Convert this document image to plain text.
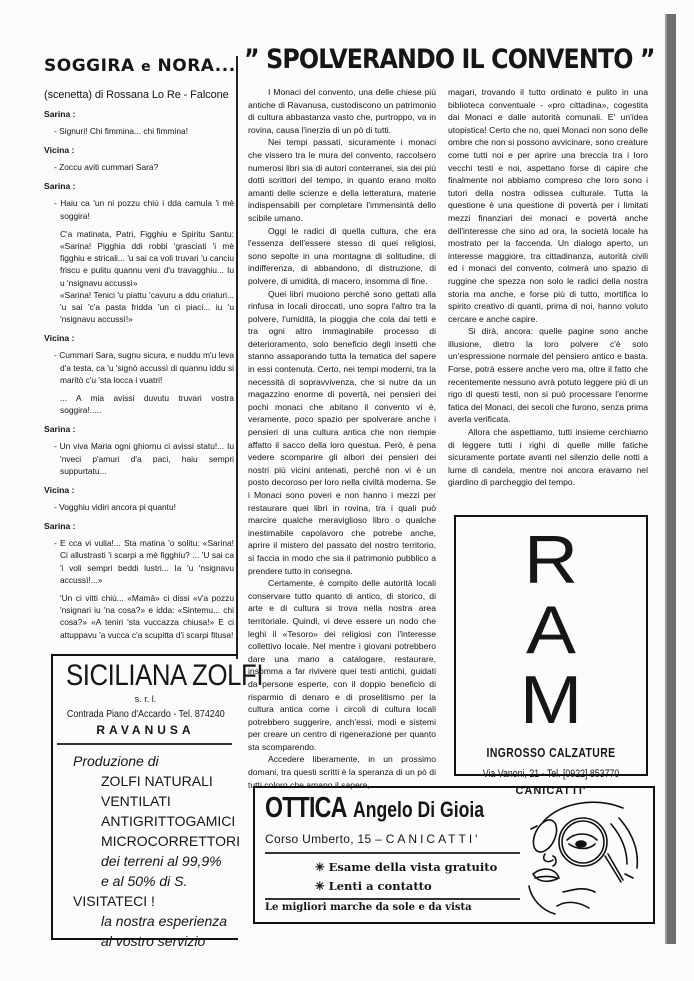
SOGGIRA e NORA...
(scenetta) di Rossana Lo Re - Falcone
Sarina :

- Signuri! Chi fimmina... chi fimmina!

Vicina :

- Zoccu aviti cummari Sara?

Sarina :

- Haiu ca 'un ni pozzu chiù i dda camula 'i mè soggira!

C'a matinata, Patri, Figghiu e Spiritu Santu: «Sarina! Pigghia ddi robbi 'grasciati 'i mè figghiu e stricali... 'u sai ca voli truvari 'u canciu friscu e pulitu quannu veni d'u travagghiu... Iu u 'nsignavu accussì»

«Sarina! Tenici 'u piattu 'cavuru a ddu criaturi... 'u sai 'c'a pasta fridda 'un ci piaci... iu 'u 'nsignavu accussì!»

Vicina :

- Cummari Sara, sugnu sicura, e nuddu m'u leva d'a testa, ca 'u 'signò accussì di quannu iddu si maritò c'u 'sta locca i vuatri!

... A mia avissi duvutu truvari vostra soggira!.....

Sarina :

- Un viva Maria ogni ghiornu ci avissi statu!... Iu 'nveci p'amuri d'a paci, haiu sempri suppurtatu...

Vicina :

- Vogghiu vidiri ancora pi quantu!

Sarina :

- E cca vi vulia!... Sta matina 'o solitu: «Sarina! Ci allustrasti 'i scarpi a mè figghiu? ... 'U sai ca 'i voli sempri beddi lustri... Ia 'u 'nsignavu accussì!...»

'Un ci vitti chiù... «Mamà» ci dissi «v'a pozzu 'nsignari iu 'na cosa?» e idda: «Sintemu... chi cosa?» «A teniri 'sta vuccazza chiusa!» E ci attuppavu 'a vucca c'a scupitta d'i scarpi fitusa!

SICILIANA ZOLFI
s. r. l.
Contrada Piano d'Accardo - Tel. 874240
RAVANUSA
Produzione di
ZOLFI NATURALI
VENTILATI
ANTIGRITTOGAMICI
MICROCORRETTORI
dei terreni al 99,9%
e al 50% di S.
VISITATECI !
la nostra esperienza
al vostro servizio
” SPOLVERANDO IL CONVENTO ”

I Monaci del convento, una delle chiese più antiche di Ravanusa, custodiscono un patrimonio di cultura abbastanza vasto che, purtroppo, va in rovina, causa l'inerzia di un pò di tutti.

Nei tempi passati, sicuramente i monaci che vissero tra le mura del convento, raccolsero numerosi libri sia di autori conterranei, sia dei più dotti scrittori del tempo, in quanto erano molto amanti delle scienze e della letteratura, materie indispensabili per completare l'immensintà dello scibile umano.

Oggi le radici di quella cultura, che era l'essenza dell'essere stesso di quei religiosi, sono sepolte in una montagna di solitudine, di indifferenza, di abbandono, di distruzione, di polvere, di umidità, di macero, insomma di fine.

Quei libri muoiono perché sono gettati alla rinfusa in locali diroccati, uno sopra l'altro tra la polvere, l'umidità, la pioggia che cola dai tetti e tra ogni altro immaginabile processo di deterioramento, solo beneficio degli insetti che stanno assaporando tutta la tematica del sapere in essi contenuta. Certo, nei tempi moderni, tra la necessità di sopravvivenza, che si nutre da un magazzino enorme di povertà, nei pensieri dei pochi monaci che abitano il convento vi è, veramente, poco spazio per spolverare anche i pensieri di una cultura antica che non riempie affatto il sacco della loro questua. Però, è pena vedere scomparire gli albori dei pensieri dei nostri più vicini antenati, perché non vi è un posto decoroso per loro nella civiltà moderna. Se i Monaci sono poveri e non hanno i mezzi per restaurare quei libri in rovina, tra i quali può marcire qualche meraviglioso libro o qualche inestimabile capolavoro che potrebe anche, aprire il mistero del passato del nostro territorio, si faccia in modo che sia il patrimonio pubblico a prendere tutto in consegna.

Certamente, è compito delle autorità locali conservare tutto quanto di antico, di storico, di arte e di cultura si trova nella nostra area territoriale. Quindi, vi deve essere un nodo che leghi il «Tesoro» dei religiosi con l'interesse collettivo locale. Nel mentre i giovani potrebbero dare una mano a catalogare, restaurare, insomma a far rivivere quei testi antichi, guidati da persone esperte, con il doppio beneficio di risparmio di denaro e di proselitismo per la cultura antica come i circoli di cultura locali potrebbero suggerire, anch'essi, modi e sistemi per creare un centro di rigenerazione per quanto sta scomparendo.

Accedere liberamente, in un prossimo domani, tra questi scritti è la speranza di un pò di tutti coloro che amano il sapere,

magari, trovando il tutto ordinato e pulito in una biblioteca conventuale - «pro cittadina», cogestita dai Monaci e dalle autorità comunali. E' un'idea utopistica! Certo che no, quei Monaci non sono delle ombre che non si possono avvicinare, sono creature come tutti noi e per aprire una breccia tra i loro vecchi testi e noi, aspettano forse di capire che finalmente noi abbiamo compreso che loro sono i tutori della nostra odissea culturale. Tutta la questione è una questione di povertà per i limitati mezzi finanziari dei monaci e povertà anche dell'interesse che sino ad ora, la società locale ha mostrato per la faccenda. Un dialogo aperto, un interesse maggiore, tra cittadinanza, autorità civili ed i monaci del convento, colmerà uno spazio di ruggine che spezza non solo le radici della nostra storia ma anche, e forse più di tutto, mortifica lo spirito creativo di quanti, prima di noi, hanno voluto cercare e anche capire.

Si dirà, ancora: quelle pagine sono anche illusione, dietro la loro polvere c'è solo un'espressione normale del pensiero antico e basta. Forse, potrà essere anche vero ma, oltre il fatto che recentemente nessuno avrà potuto leggere più di un rigo di questi testi, non si può processare l'enorme fatica dei Monaci, dei secoli che furono, senza prima averla verificata.

Allora che aspettiamo, tutti insieme cerchiamo di leggere tutti i righi di quelle mille fatiche sicuramente portate avanti nel silenzio delle notti a lume di candela, mentre noi ancora eravamo nel giardino di parcheggio del tempo.

R
A
M
INGROSSO CALZATURE
Via Vanoni, 21 - Tel. [0922] 853770
CANICATTI'
OTTICA Angelo Di Gioia
Corso Umberto, 15 – CANICATTI'
✳ Esame della vista gratuito
✳ Lenti a contatto
Le migliori marche da sole e da vista
